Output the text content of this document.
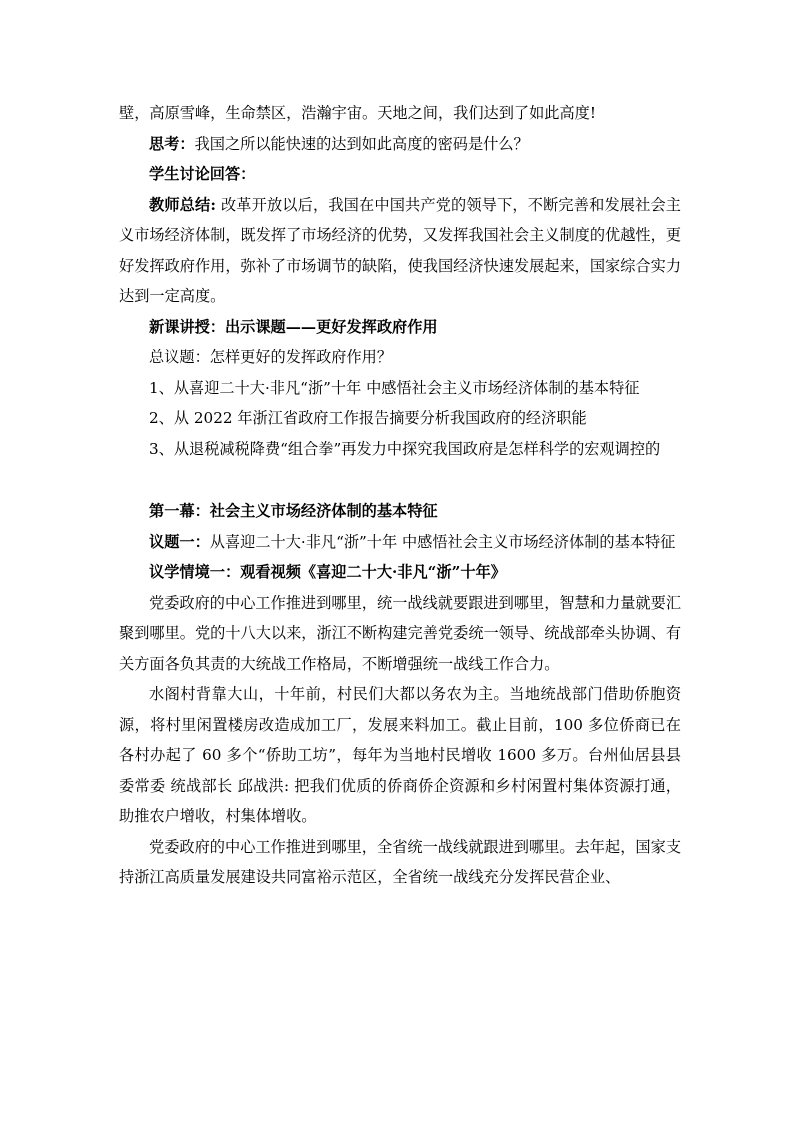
壁，高原雪峰，生命禁区，浩瀚宇宙。天地之间，我们达到了如此高度!

思考：我国之所以能快速的达到如此高度的密码是什么？

学生讨论回答：

教师总结: 改革开放以后，我国在中国共产党的领导下，不断完善和发展社会主义市场经济体制，既发挥了市场经济的优势，又发挥我国社会主义制度的优越性，更好发挥政府作用，弥补了市场调节的缺陷，使我国经济快速发展起来，国家综合实力达到一定高度。

新课讲授：出示课题——更好发挥政府作用

总议题：怎样更好的发挥政府作用？

1、从喜迎二十大·非凡“浙”十年 中感悟社会主义市场经济体制的基本特征

2、从 2022 年浙江省政府工作报告摘要分析我国政府的经济职能

3、从退税减税降费“组合拳”再发力中探究我国政府是怎样科学的宏观调控的

第一幕：社会主义市场经济体制的基本特征

议题一：从喜迎二十大·非凡“浙”十年 中感悟社会主义市场经济体制的基本特征

议学情境一：观看视频《喜迎二十大·非凡“浙”十年》

党委政府的中心工作推进到哪里，统一战线就要跟进到哪里，智慧和力量就要汇聚到哪里。党的十八大以来，浙江不断构建完善党委统一领导、统战部牵头协调、有关方面各负其责的大统战工作格局，不断增强统一战线工作合力。

水阁村背靠大山，十年前，村民们大都以务农为主。当地统战部门借助侨胞资源，将村里闲置楼房改造成加工厂，发展来料加工。截止目前，100 多位侨商已在各村办起了 60 多个“侨助工坊”，每年为当地村民增收 1600 多万。台州仙居县县委常委 统战部长 邱战洪: 把我们优质的侨商侨企资源和乡村闲置村集体资源打通，助推农户增收，村集体增收。

党委政府的中心工作推进到哪里，全省统一战线就跟进到哪里。去年起，国家支持浙江高质量发展建设共同富裕示范区，全省统一战线充分发挥民营企业、
